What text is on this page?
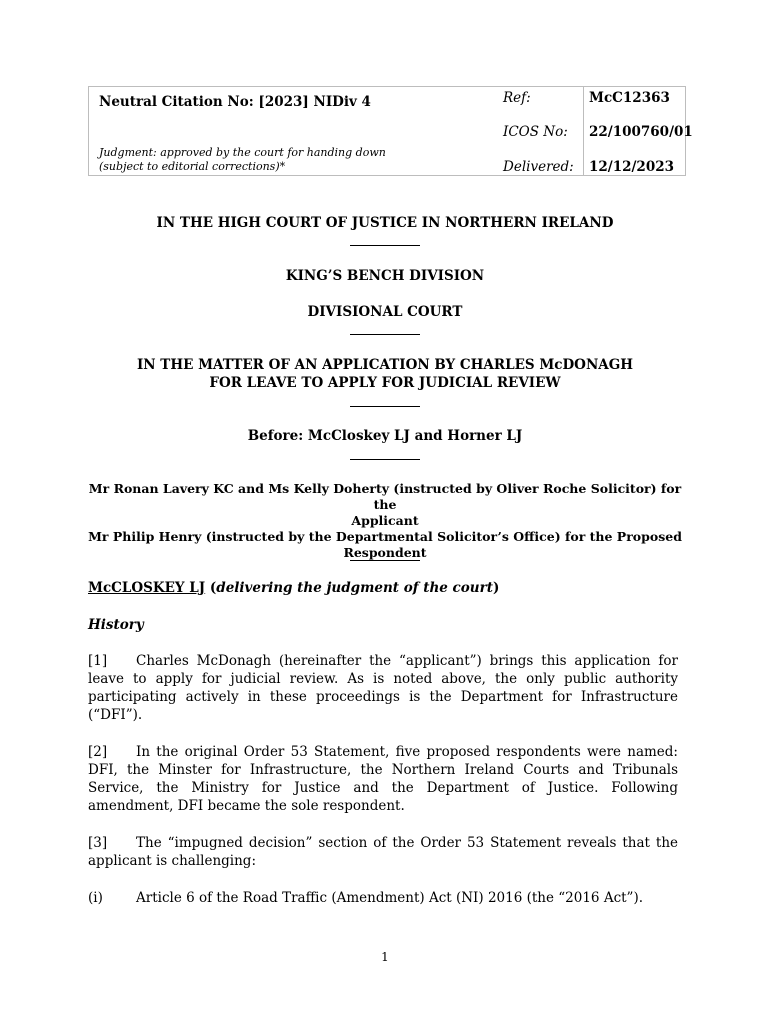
Neutral Citation No: [2023] NIDiv 4
Judgment: approved by the court for handing down
(subject to editorial corrections)*
Ref:	McC12363
ICOS No: 22/100760/01
Delivered: 12/12/2023
IN THE HIGH COURT OF JUSTICE IN NORTHERN IRELAND
KING’S BENCH DIVISION
DIVISIONAL COURT
IN THE MATTER OF AN APPLICATION BY CHARLES McDONAGH
FOR LEAVE TO APPLY FOR JUDICIAL REVIEW
Before: McCloskey LJ and Horner LJ
Mr Ronan Lavery KC and Ms Kelly Doherty (instructed by Oliver Roche Solicitor) for the
Applicant
Mr Philip Henry (instructed by the Departmental Solicitor’s Office) for the Proposed
Respondent
McCLOSKEY LJ (delivering the judgment of the court)
History
[1] Charles McDonagh (hereinafter the “applicant”) brings this application for leave to apply for judicial review. As is noted above, the only public authority participating actively in these proceedings is the Department for Infrastructure (“DFI”).
[2] In the original Order 53 Statement, five proposed respondents were named: DFI, the Minster for Infrastructure, the Northern Ireland Courts and Tribunals Service, the Ministry for Justice and the Department of Justice. Following amendment, DFI became the sole respondent.
[3] The “impugned decision” section of the Order 53 Statement reveals that the applicant is challenging:
(i) Article 6 of the Road Traffic (Amendment) Act (NI) 2016 (the “2016 Act”).
1
